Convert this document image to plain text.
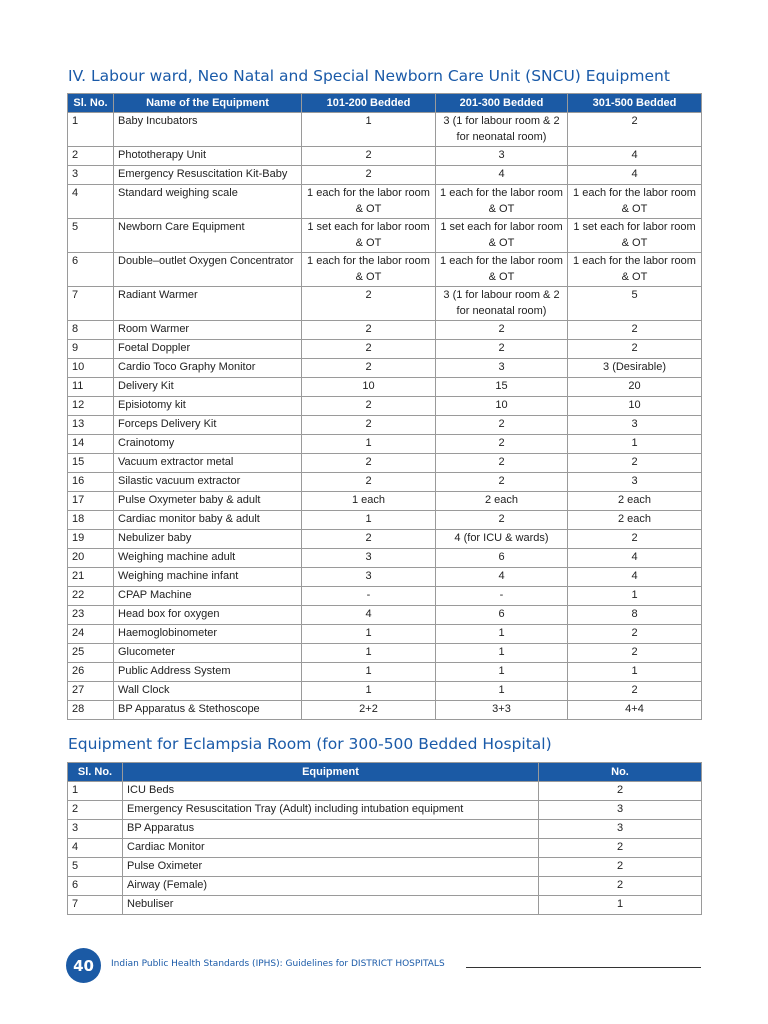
IV. Labour ward, Neo Natal and Special Newborn Care Unit (SNCU) Equipment
Sl. No.	Name of the Equipment	101-200 Bedded	201-300 Bedded	301-500 Bedded
1	Baby Incubators	1	3 (1 for labour room & 2 for neonatal room)	2
2	Phototherapy Unit	2	3	4
3	Emergency Resuscitation Kit-Baby	2	4	4
4	Standard weighing scale	1 each for the labor room & OT	1 each for the labor room & OT	1 each for the labor room & OT
5	Newborn Care Equipment	1 set each for labor room & OT	1 set each for labor room & OT	1 set each for labor room & OT
6	Double–outlet Oxygen Concentrator	1 each for the labor room & OT	1 each for the labor room & OT	1 each for the labor room & OT
7	Radiant Warmer	2	3 (1 for labour room & 2 for neonatal room)	5
8	Room Warmer	2	2	2
9	Foetal Doppler	2	2	2
10	Cardio Toco Graphy Monitor	2	3	3 (Desirable)
11	Delivery Kit	10	15	20
12	Episiotomy kit	2	10	10
13	Forceps Delivery Kit	2	2	3
14	Crainotomy	1	2	1
15	Vacuum extractor metal	2	2	2
16	Silastic vacuum extractor	2	2	3
17	Pulse Oxymeter baby & adult	1 each	2 each	2 each
18	Cardiac monitor baby & adult	1	2	2 each
19	Nebulizer baby	2	4 (for ICU & wards)	2
20	Weighing machine adult	3	6	4
21	Weighing machine infant	3	4	4
22	CPAP Machine	-	-	1
23	Head box for oxygen	4	6	8
24	Haemoglobinometer	1	1	2
25	Glucometer	1	1	2
26	Public Address System	1	1	1
27	Wall Clock	1	1	2
28	BP Apparatus & Stethoscope	2+2	3+3	4+4
Equipment for Eclampsia Room (for 300-500 Bedded Hospital)
Sl. No.	Equipment	No.
1	ICU Beds	2
2	Emergency Resuscitation Tray (Adult) including intubation equipment	3
3	BP Apparatus	3
4	Cardiac Monitor	2
5	Pulse Oximeter	2
6	Airway (Female)	2
7	Nebuliser	1
40	Indian Public Health Standards (IPHS): Guidelines for DISTRICT HOSPITALS
